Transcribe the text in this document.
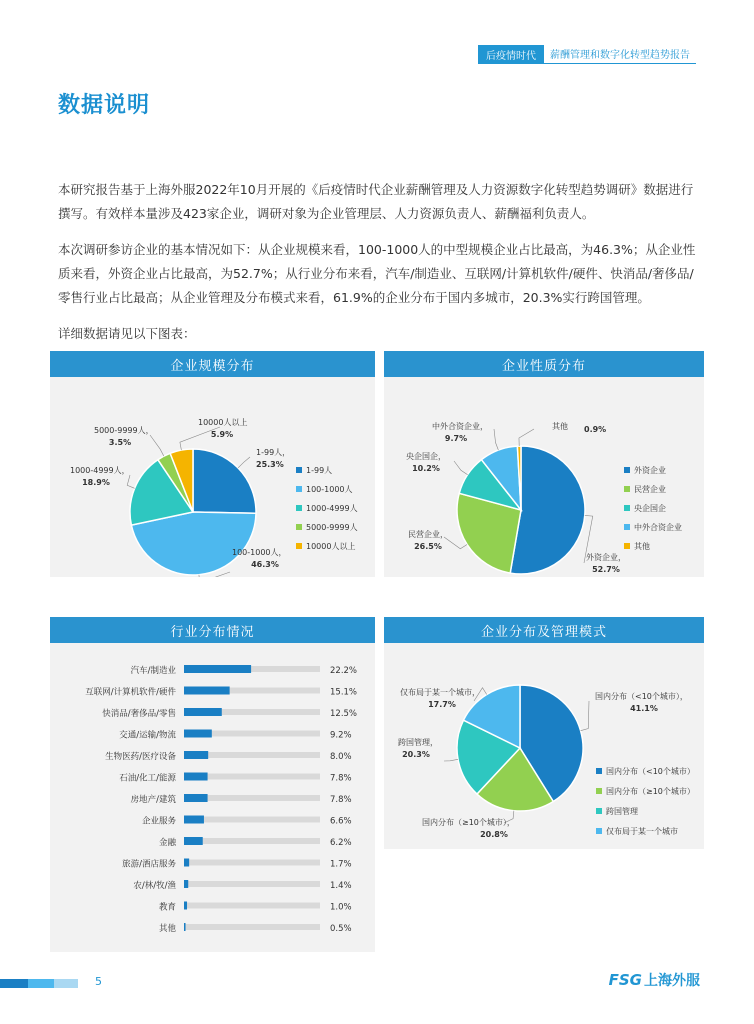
后疫情时代	薪酬管理和数字化转型趋势报告
数据说明

本研究报告基于上海外服2022年10月开展的《后疫情时代企业薪酬管理及人力资源数字化转型趋势调研》数据进行撰写。有效样本量涉及423家企业，调研对象为企业管理层、人力资源负责人、薪酬福利负责人。

本次调研参访企业的基本情况如下：从企业规模来看，100-1000人的中型规模企业占比最高，为46.3%；从企业性质来看，外资企业占比最高，为52.7%；从行业分布来看，汽车/制造业、互联网/计算机软件/硬件、快消品/奢侈品/零售行业占比最高；从企业管理及分布模式来看，61.9%的企业分布于国内多城市，20.3%实行跨国管理。

详细数据请见以下图表：

企业规模分布
1-99人，
25.3%
100-1000人，
46.3%
1000-4999人，
18.9%
5000-9999人，
3.5%
10000人以上
5.9%
1-99人
100-1000人
1000-4999人
5000-9999人
10000人以上
企业性质分布
外资企业，
52.7%
民营企业，
26.5%
央企国企，
10.2%
中外合资企业，
9.7%
其他 0.9%
外资企业
民营企业
央企国企
中外合资企业
其他
行业分布情况
汽车/制造业	22.2%
互联网/计算机软件/硬件	15.1%
快消品/奢侈品/零售	12.5%
交通/运输/物流	9.2%
生物医药/医疗设备	8.0%
石油/化工/能源	7.8%
房地产/建筑	7.8%
企业服务	6.6%
金融	6.2%
旅游/酒店服务	1.7%
农/林/牧/渔	1.4%
教育	1.0%
其他	0.5%
企业分布及管理模式
国内分布（<10个城市），
41.1%
国内分布（≥10个城市），
20.8%
跨国管理，
20.3%
仅布局于某一个城市，
17.7%
国内分布（<10个城市）
国内分布（≥10个城市）
跨国管理
仅布局于某一个城市
5	FSG 上海外服
